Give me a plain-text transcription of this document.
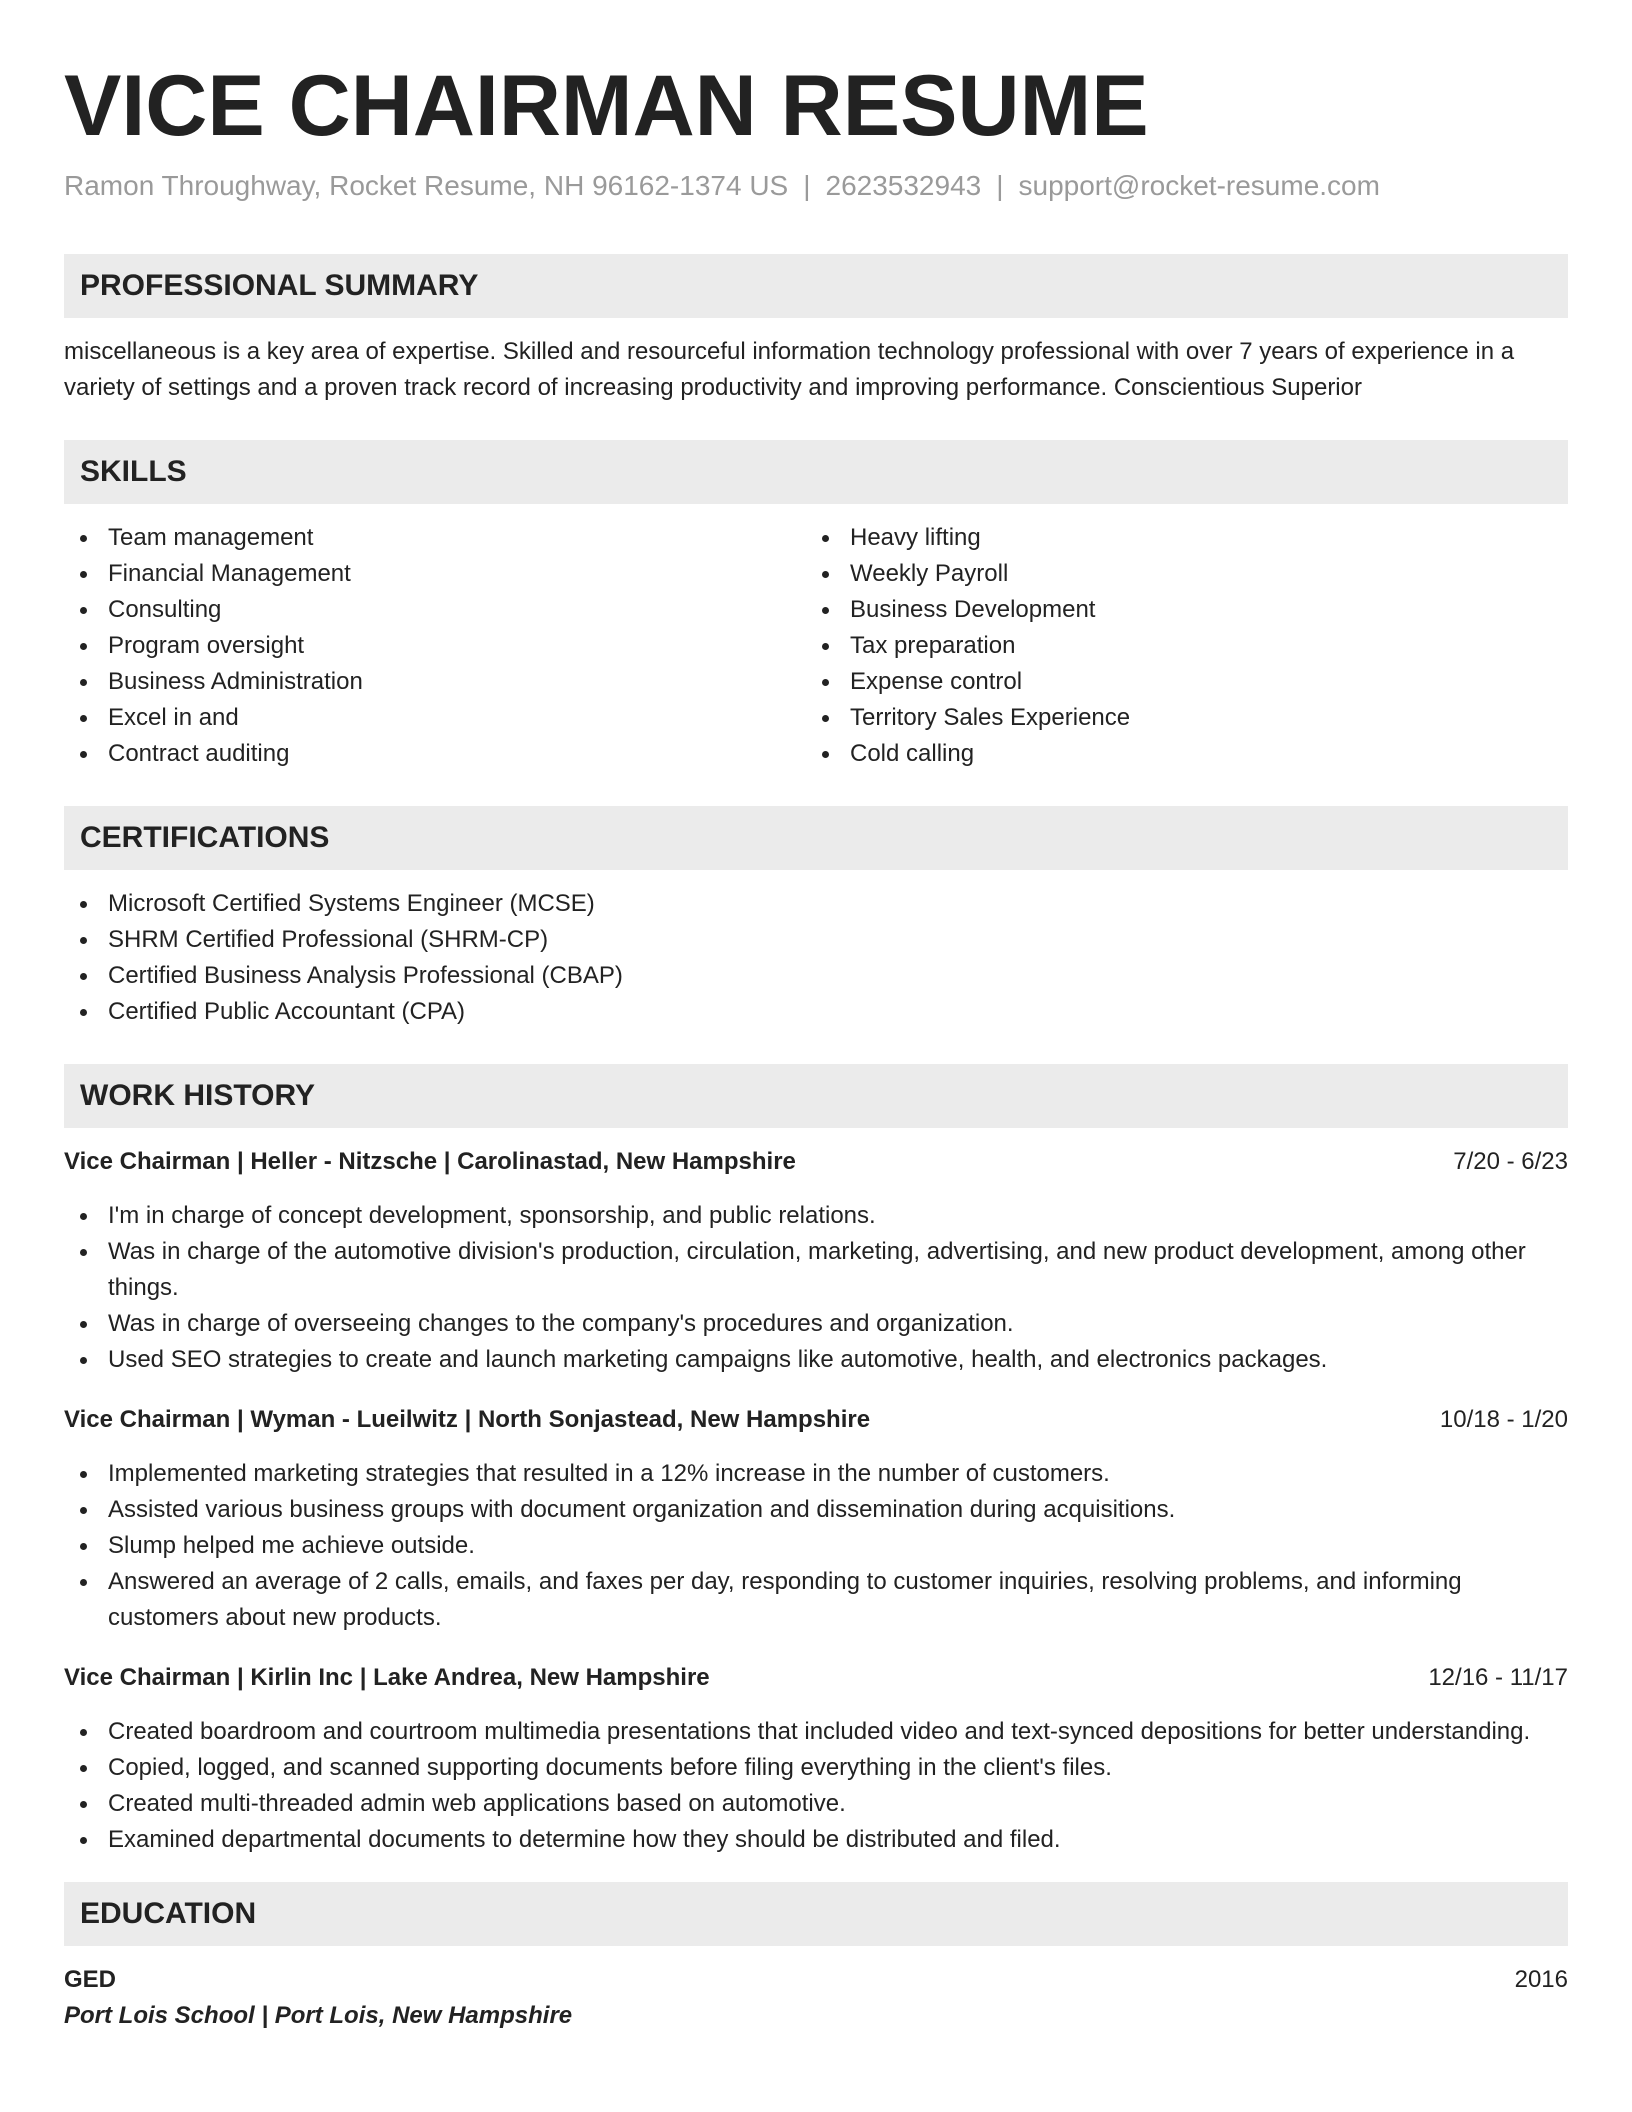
VICE CHAIRMAN RESUME
Ramon Throughway, Rocket Resume, NH 96162-1374 US | 2623532943 | support@rocket-resume.com
PROFESSIONAL SUMMARY

miscellaneous is a key area of expertise. Skilled and resourceful information technology professional with over 7 years of experience in a variety of settings and a proven track record of increasing productivity and improving performance. Conscientious Superior

SKILLS
Team management
Financial Management
Consulting
Program oversight
Business Administration
Excel in and
Contract auditing
Heavy lifting
Weekly Payroll
Business Development
Tax preparation
Expense control
Territory Sales Experience
Cold calling
CERTIFICATIONS
Microsoft Certified Systems Engineer (MCSE)
SHRM Certified Professional (SHRM-CP)
Certified Business Analysis Professional (CBAP)
Certified Public Accountant (CPA)
WORK HISTORY
Vice Chairman | Heller - Nitzsche | Carolinastad, New Hampshire	7/20 - 6/23
I'm in charge of concept development, sponsorship, and public relations.
Was in charge of the automotive division's production, circulation, marketing, advertising, and new product development, among other things.
Was in charge of overseeing changes to the company's procedures and organization.
Used SEO strategies to create and launch marketing campaigns like automotive, health, and electronics packages.
Vice Chairman | Wyman - Lueilwitz | North Sonjastead, New Hampshire	10/18 - 1/20
Implemented marketing strategies that resulted in a 12% increase in the number of customers.
Assisted various business groups with document organization and dissemination during acquisitions.
Slump helped me achieve outside.
Answered an average of 2 calls, emails, and faxes per day, responding to customer inquiries, resolving problems, and informing customers about new products.
Vice Chairman | Kirlin Inc | Lake Andrea, New Hampshire	12/16 - 11/17
Created boardroom and courtroom multimedia presentations that included video and text-synced depositions for better understanding.
Copied, logged, and scanned supporting documents before filing everything in the client's files.
Created multi-threaded admin web applications based on automotive.
Examined departmental documents to determine how they should be distributed and filed.
EDUCATION
GED	2016
Port Lois School | Port Lois, New Hampshire
